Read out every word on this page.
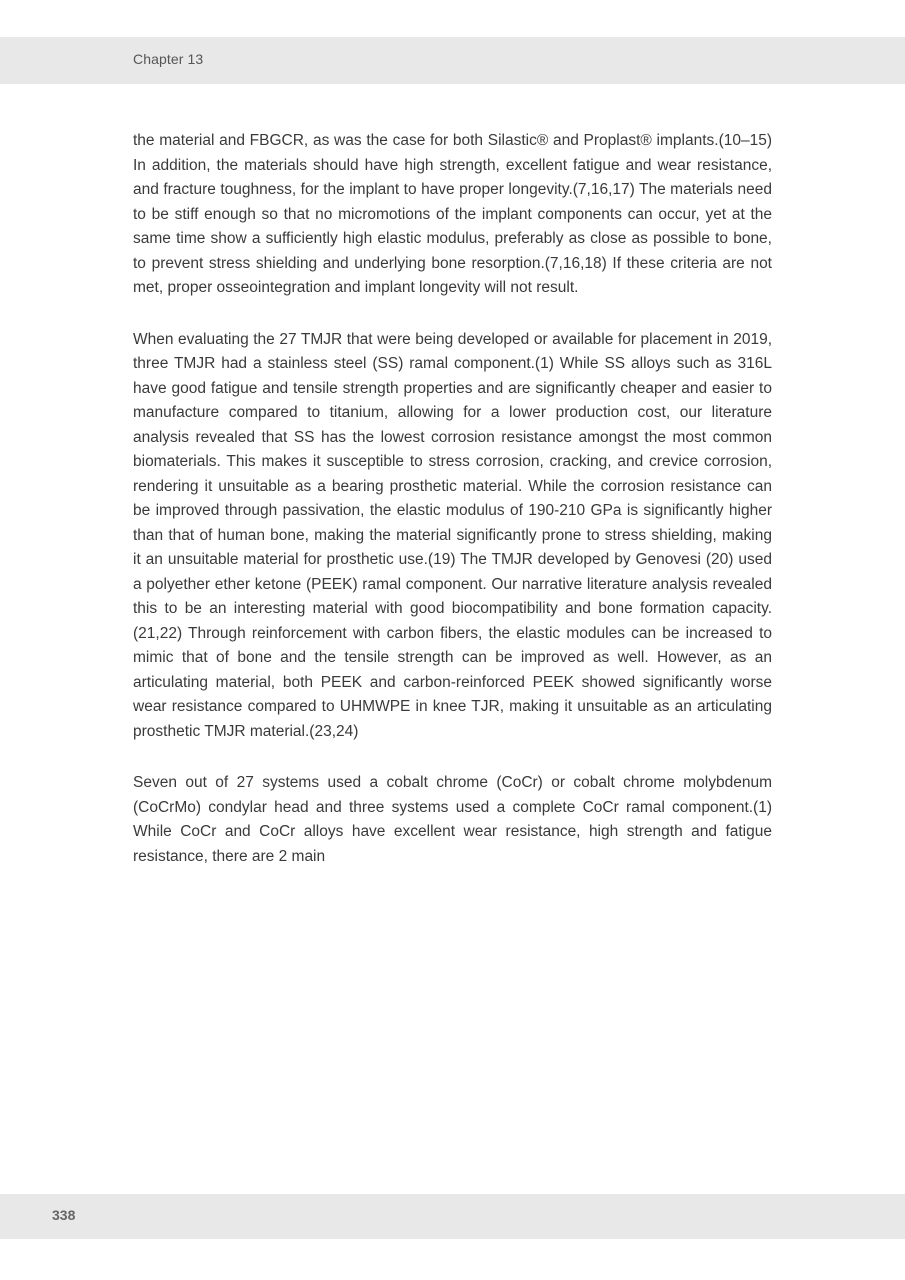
Chapter 13

the material and FBGCR, as was the case for both Silastic® and Proplast® implants.(10–15) In addition, the materials should have high strength, excellent fatigue and wear resistance, and fracture toughness, for the implant to have proper longevity.(7,16,17) The materials need to be stiff enough so that no micromotions of the implant components can occur, yet at the same time show a sufficiently high elastic modulus, preferably as close as possible to bone, to prevent stress shielding and underlying bone resorption.(7,16,18) If these criteria are not met, proper osseointegration and implant longevity will not result.

When evaluating the 27 TMJR that were being developed or available for placement in 2019, three TMJR had a stainless steel (SS) ramal component.(1) While SS alloys such as 316L have good fatigue and tensile strength properties and are significantly cheaper and easier to manufacture compared to titanium, allowing for a lower production cost, our literature analysis revealed that SS has the lowest corrosion resistance amongst the most common biomaterials. This makes it susceptible to stress corrosion, cracking, and crevice corrosion, rendering it unsuitable as a bearing prosthetic material. While the corrosion resistance can be improved through passivation, the elastic modulus of 190-210 GPa is significantly higher than that of human bone, making the material significantly prone to stress shielding, making it an unsuitable material for prosthetic use.(19) The TMJR developed by Genovesi (20) used a polyether ether ketone (PEEK) ramal component. Our narrative literature analysis revealed this to be an interesting material with good biocompatibility and bone formation capacity.(21,22) Through reinforcement with carbon fibers, the elastic modules can be increased to mimic that of bone and the tensile strength can be improved as well. However, as an articulating material, both PEEK and carbon-reinforced PEEK showed significantly worse wear resistance compared to UHMWPE in knee TJR, making it unsuitable as an articulating prosthetic TMJR material.(23,24)

Seven out of 27 systems used a cobalt chrome (CoCr) or cobalt chrome molybdenum (CoCrMo) condylar head and three systems used a complete CoCr ramal component.(1) While CoCr and CoCr alloys have excellent wear resistance, high strength and fatigue resistance, there are 2 main

338
